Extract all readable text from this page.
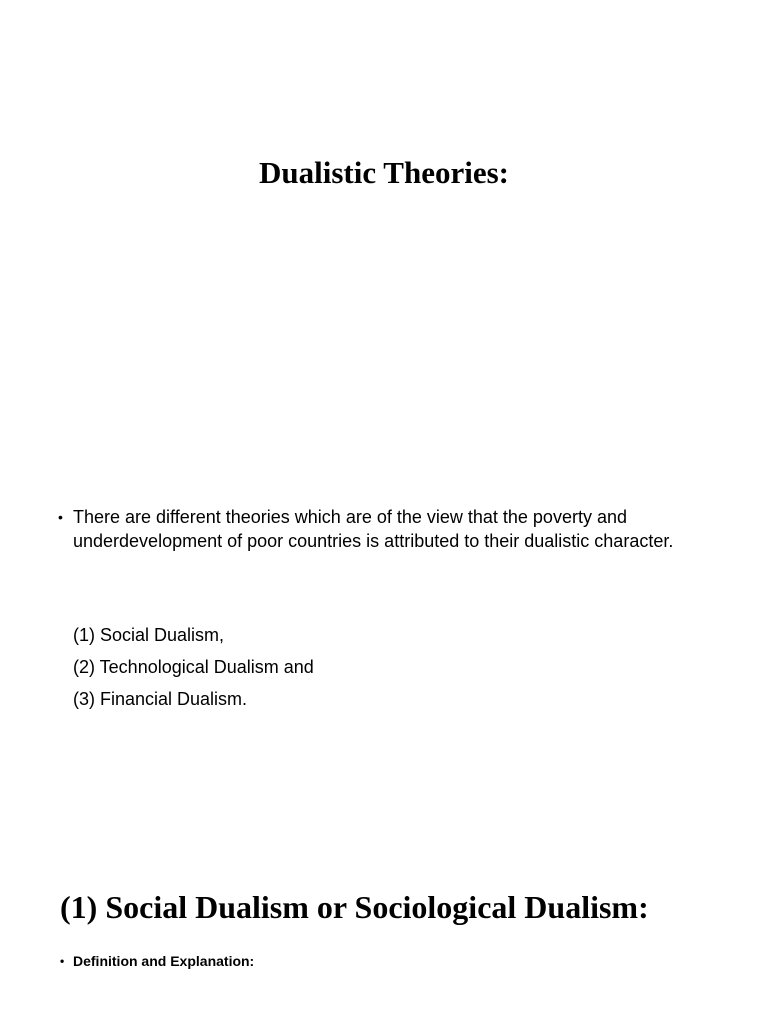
Dualistic Theories:
• There are different theories which are of the view that the poverty and underdevelopment of poor countries is attributed to their dualistic character.
(1) Social Dualism,
(2) Technological Dualism and
(3) Financial Dualism.
(1) Social Dualism or Sociological Dualism:
• Definition and Explanation:
